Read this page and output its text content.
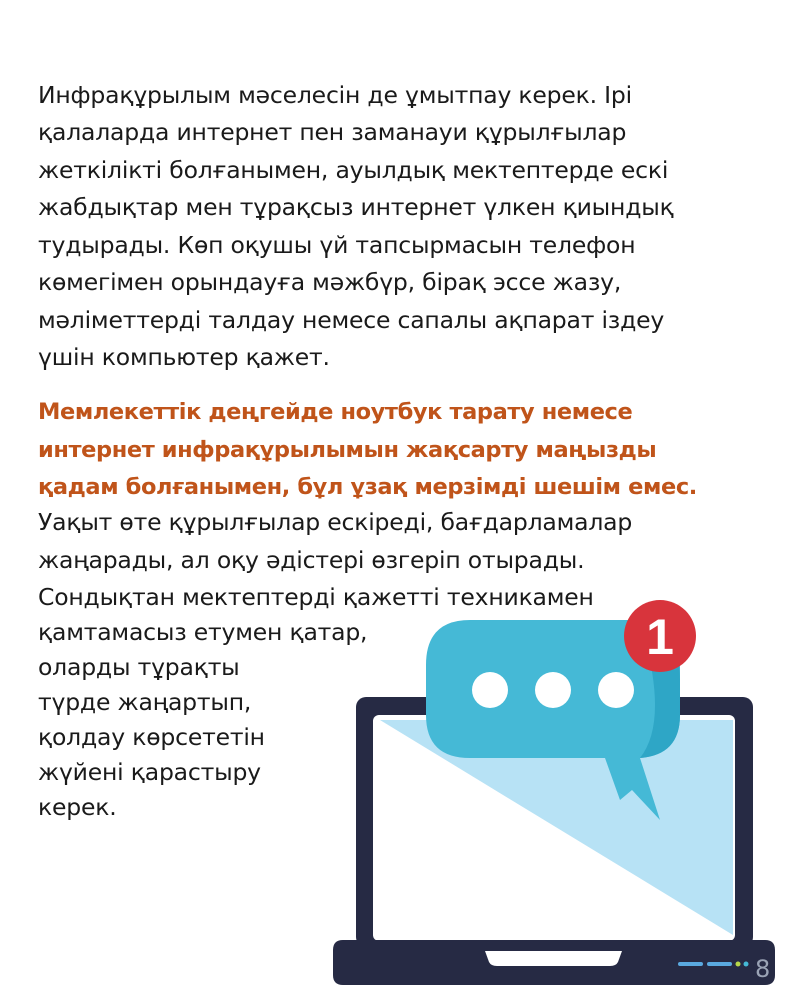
1
Инфрақұрылым мәселесін де ұмытпау керек. Ірі
қалаларда интернет пен заманауи құрылғылар
жеткілікті болғанымен, ауылдық мектептерде ескі
жабдықтар мен тұрақсыз интернет үлкен қиындық
тудырады. Көп оқушы үй тапсырмасын телефон
көмегімен орындауға мәжбүр, бірақ эссе жазу,
мәліметтерді талдау немесе сапалы ақпарат іздеу
үшін компьютер қажет.
Мемлекеттік деңгейде ноутбук тарату немесе
интернет инфрақұрылымын жақсарту маңызды
қадам болғанымен, бұл ұзақ мерзімді шешім емес.
Уақыт өте құрылғылар ескіреді, бағдарламалар
жаңарады, ал оқу әдістері өзгеріп отырады.
Сондықтан мектептерді қажетті техникамен
қамтамасыз етумен қатар,
оларды тұрақты
түрде жаңартып,
қолдау көрсететін
жүйені қарастыру
керек.
8
